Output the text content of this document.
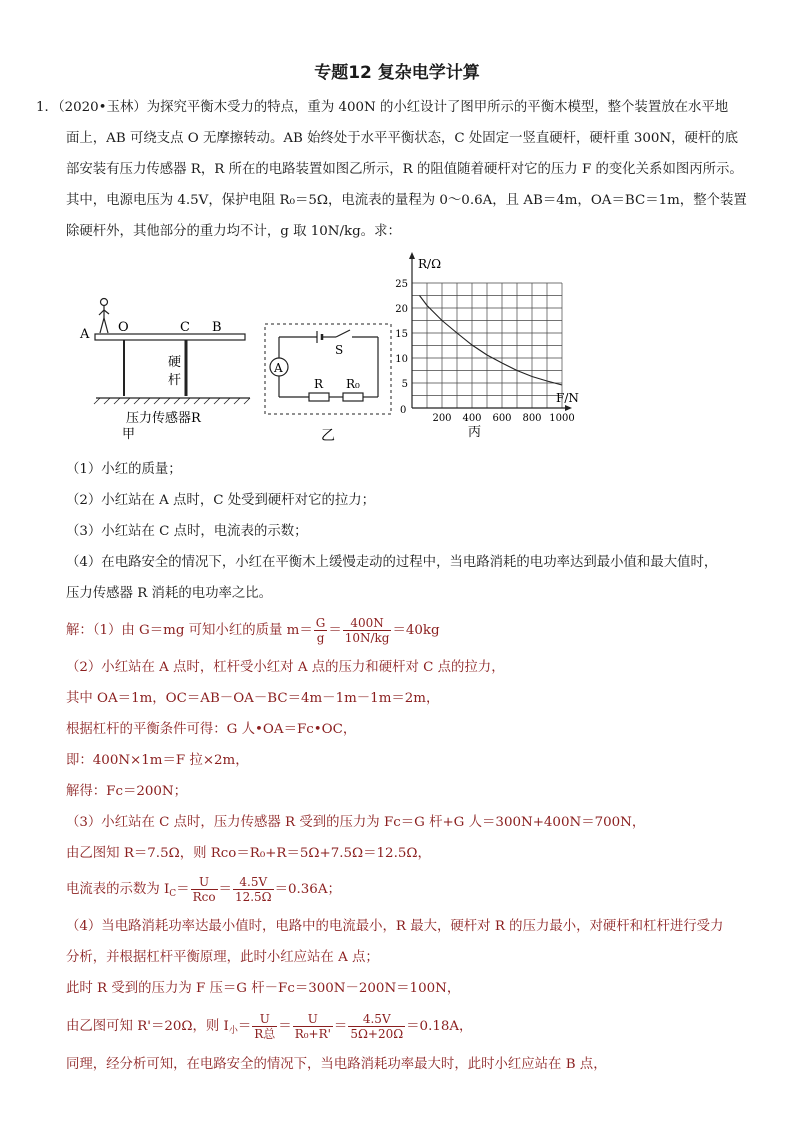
专题12 复杂电学计算
1．（2020•玉林）为探究平衡木受力的特点，重为 400N 的小红设计了图甲所示的平衡木模型，整个装置放在水平地
面上，AB 可绕支点 O 无摩擦转动。AB 始终处于水平平衡状态，C 处固定一竖直硬杆，硬杆重 300N，硬杆的底
部安装有压力传感器 R，R 所在的电路装置如图乙所示，R 的阻值随着硬杆对它的压力 F 的变化关系如图丙所示。
其中，电源电压为 4.5V，保护电阻 R₀＝5Ω，电流表的量程为 0～0.6A，且 AB＝4m，OA＝BC＝1m，整个装置
除硬杆外，其他部分的重力均不计，g 取 10N/kg。求：
A O	C B
硬
杆
压力传感器R
甲
A
S
R R₀
乙
5
10
15
20
25
200 400 600 800 1000
R/Ω
F/N
0
丙
（1）小红的质量；
（2）小红站在 A 点时，C 处受到硬杆对它的拉力；
（3）小红站在 C 点时，电流表的示数；
（4）在电路安全的情况下，小红在平衡木上缓慢走动的过程中，当电路消耗的电功率达到最小值和最大值时，
压力传感器 R 消耗的电功率之比。
解：（1）由 G＝mg 可知小红的质量 $m= \frac{G}{g} = \frac{400N}{10N/kg} =40kg$
（2）小红站在 A 点时，杠杆受小红对 A 点的压力和硬杆对 C 点的拉力，
其中 OA＝1m，OC＝AB－OA－BC＝4m－1m－1m＝2m，
根据杠杆的平衡条件可得：G 人•OA＝Fc•OC，
即：400N×1m＝F 拉×2m，
解得：Fc＝200N；
（3）小红站在 C 点时，压力传感器 R 受到的压力为 Fc＝G 杆+G 人＝300N+400N＝700N，
由乙图知 R＝7.5Ω，则 Rco＝R₀+R＝5Ω+7.5Ω＝12.5Ω，
电流表的示数为 $I_C= \frac{U}{\text{Rco}} = \frac{4.5V}{12.5\Omega} =0.36A$；
（4）当电路消耗功率达最小值时，电路中的电流最小，R 最大，硬杆对 R 的压力最小，对硬杆和杠杆进行受力
分析，并根据杠杆平衡原理，此时小红应站在 A 点；
此时 R 受到的压力为 F 压＝G 杆－Fc＝300N－200N＝100N，
由乙图可知 R'＝20Ω，则 $I_小= \frac{U}{\text{R总}} = \frac{U}{\text{R₀+R'}} = \frac{4.5V}{5\Omega+20\Omega} =0.18A$，
同理，经分析可知，在电路安全的情况下，当电路消耗功率最大时，此时小红应站在 B 点，
